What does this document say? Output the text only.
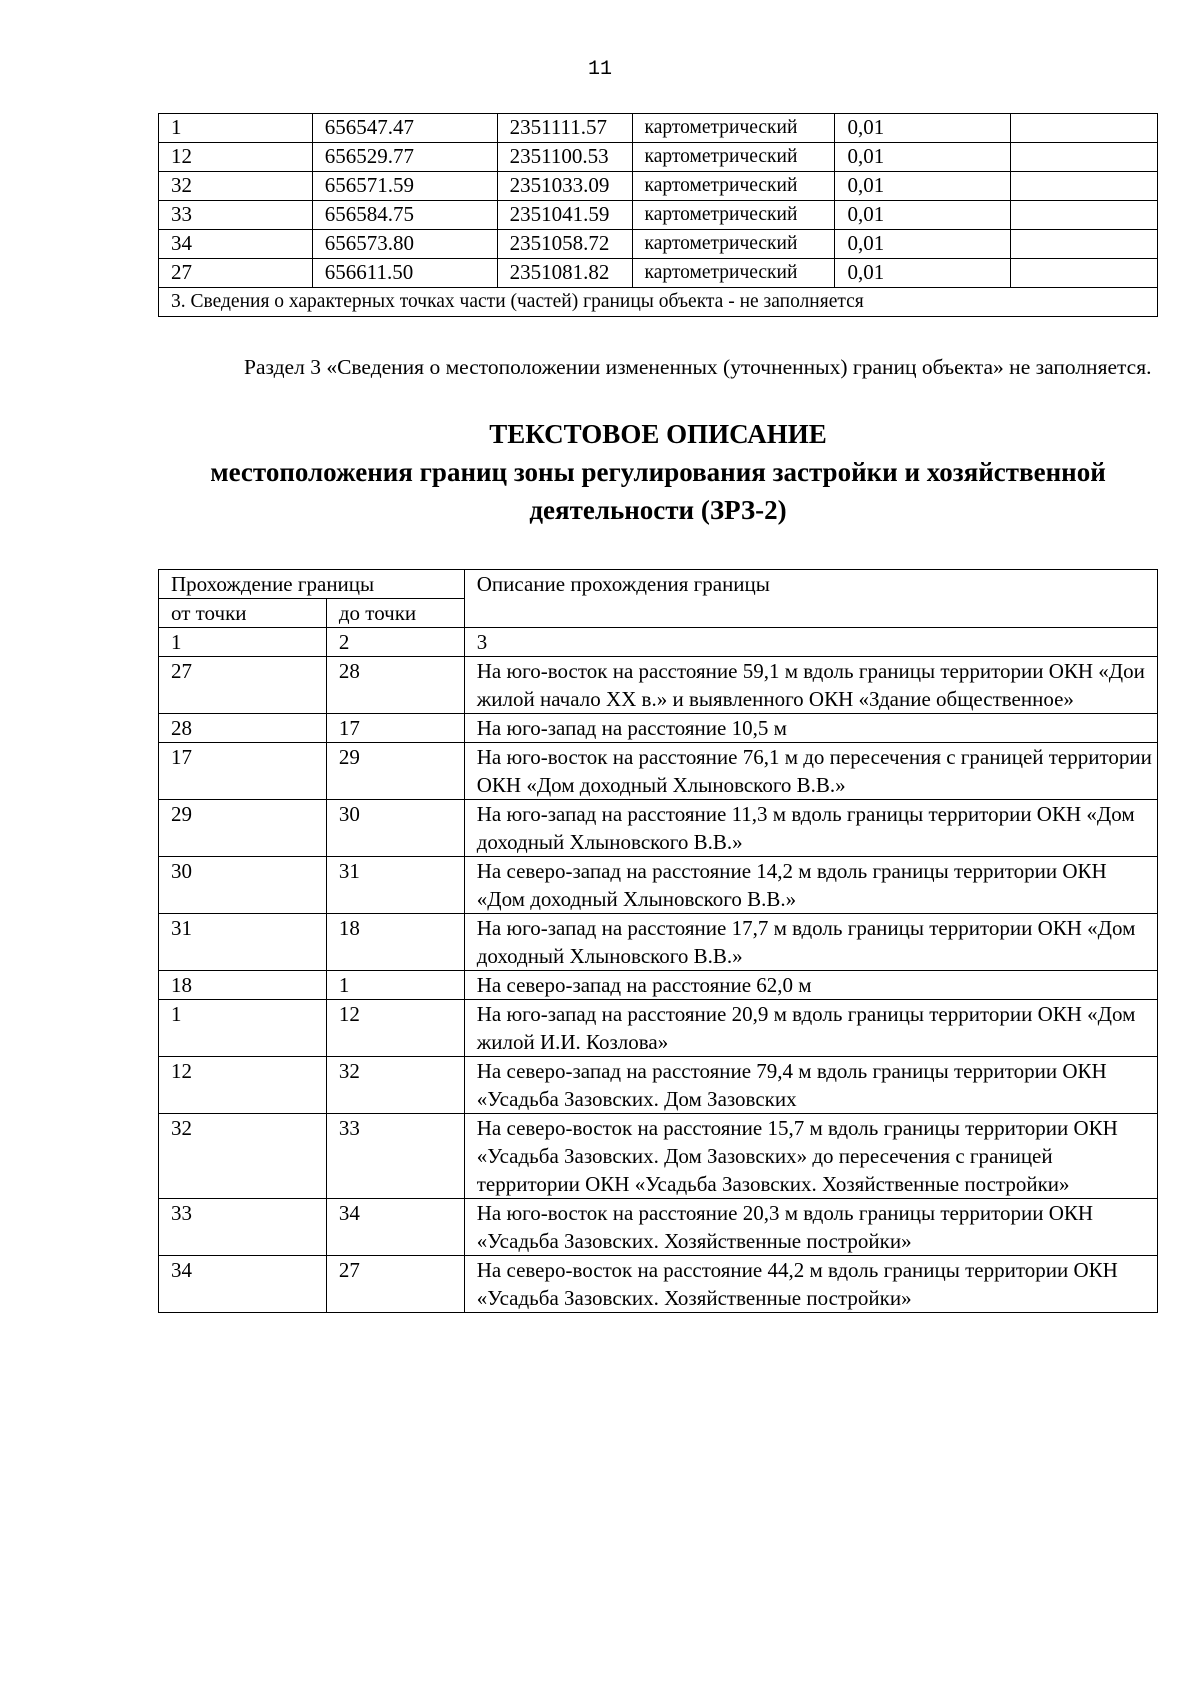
11
1	656547.47	2351111.57	картометрический	0,01	
12	656529.77	2351100.53	картометрический	0,01	
32	656571.59	2351033.09	картометрический	0,01	
33	656584.75	2351041.59	картометрический	0,01	
34	656573.80	2351058.72	картометрический	0,01	
27	656611.50	2351081.82	картометрический	0,01	
3. Сведения о характерных точках части (частей) границы объекта - не заполняется					
Раздел 3 «Сведения о местоположении измененных (уточненных) границ объекта» не заполняется.
ТЕКСТОВОЕ ОПИСАНИЕ
местоположения границ зоны регулирования застройки и хозяйственной
деятельности (ЗРЗ-2)
Прохождение границы		Описание прохождения границы
от точки	до точки	
1	2	3
27	28	На юго-восток на расстояние 59,1 м вдоль границы территории ОКН «Дои жилой начало XX в.» и выявленного ОКН «Здание общественное»
28	17	На юго-запад на расстояние 10,5 м
17	29	На юго-восток на расстояние 76,1 м до пересечения с границей территории ОКН «Дом доходный Хлыновского В.В.»
29	30	На юго-запад на расстояние 11,3 м вдоль границы территории ОКН «Дом доходный Хлыновского В.В.»
30	31	На северо-запад на расстояние 14,2 м вдоль границы территории ОКН «Дом доходный Хлыновского В.В.»
31	18	На юго-запад на расстояние 17,7 м вдоль границы территории ОКН «Дом доходный Хлыновского В.В.»
18	1	На северо-запад на расстояние 62,0 м
1	12	На юго-запад на расстояние 20,9 м вдоль границы территории ОКН «Дом жилой И.И. Козлова»
12	32	На северо-запад на расстояние 79,4 м вдоль границы территории ОКН «Усадьба Зазовских. Дом Зазовских
32	33	На северо-восток на расстояние 15,7 м вдоль границы территории ОКН «Усадьба Зазовских. Дом Зазовских» до пересечения с границей территории ОКН «Усадьба Зазовских. Хозяйственные постройки»
33	34	На юго-восток на расстояние 20,3 м вдоль границы территории ОКН «Усадьба Зазовских. Хозяйственные постройки»
34	27	На северо-восток на расстояние 44,2 м вдоль границы территории ОКН «Усадьба Зазовских. Хозяйственные постройки»
